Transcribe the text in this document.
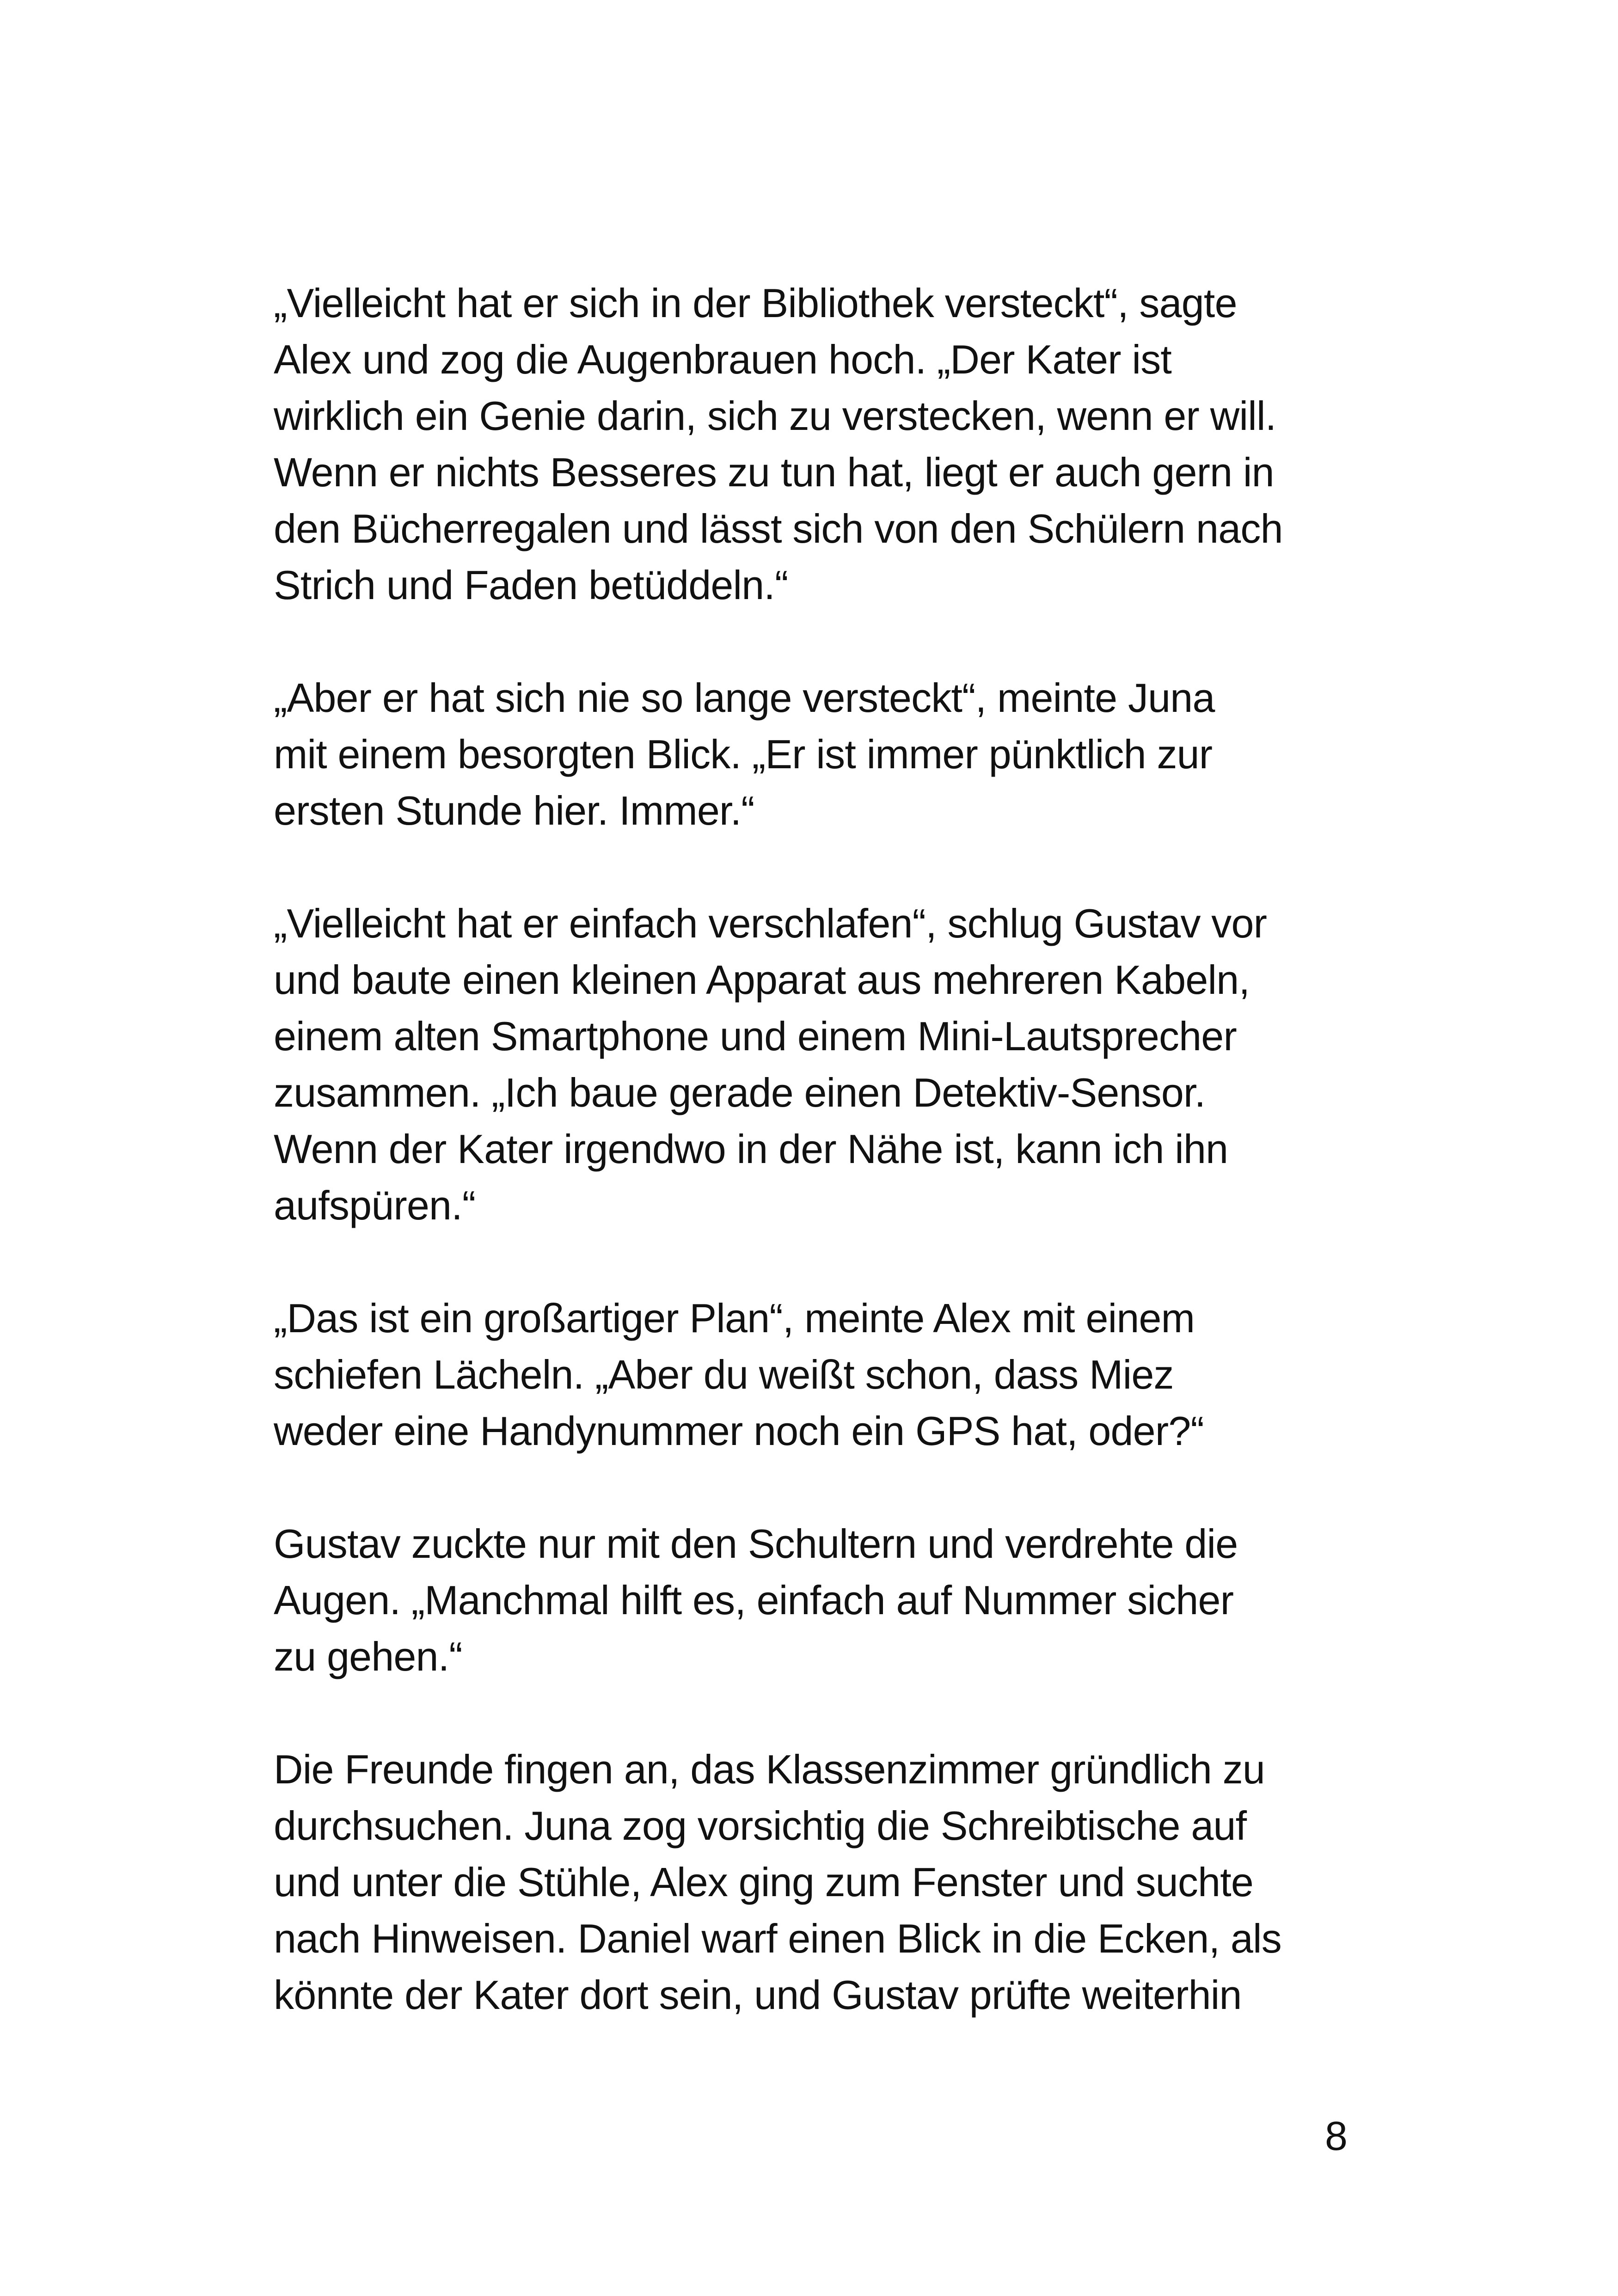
„Vielleicht hat er sich in der Bibliothek versteckt“, sagte
Alex und zog die Augenbrauen hoch. „Der Kater ist
wirklich ein Genie darin, sich zu verstecken, wenn er will.
Wenn er nichts Besseres zu tun hat, liegt er auch gern in
den Bücherregalen und lässt sich von den Schülern nach
Strich und Faden betüddeln.“
„Aber er hat sich nie so lange versteckt“, meinte Juna
mit einem besorgten Blick. „Er ist immer pünktlich zur
ersten Stunde hier. Immer.“
„Vielleicht hat er einfach verschlafen“, schlug Gustav vor
und baute einen kleinen Apparat aus mehreren Kabeln,
einem alten Smartphone und einem Mini-Lautsprecher
zusammen. „Ich baue gerade einen Detektiv-Sensor.
Wenn der Kater irgendwo in der Nähe ist, kann ich ihn
aufspüren.“
„Das ist ein großartiger Plan“, meinte Alex mit einem
schiefen Lächeln. „Aber du weißt schon, dass Miez
weder eine Handynummer noch ein GPS hat, oder?“
Gustav zuckte nur mit den Schultern und verdrehte die
Augen. „Manchmal hilft es, einfach auf Nummer sicher
zu gehen.“
Die Freunde fingen an, das Klassenzimmer gründlich zu
durchsuchen. Juna zog vorsichtig die Schreibtische auf
und unter die Stühle, Alex ging zum Fenster und suchte
nach Hinweisen. Daniel warf einen Blick in die Ecken, als
könnte der Kater dort sein, und Gustav prüfte weiterhin
8
